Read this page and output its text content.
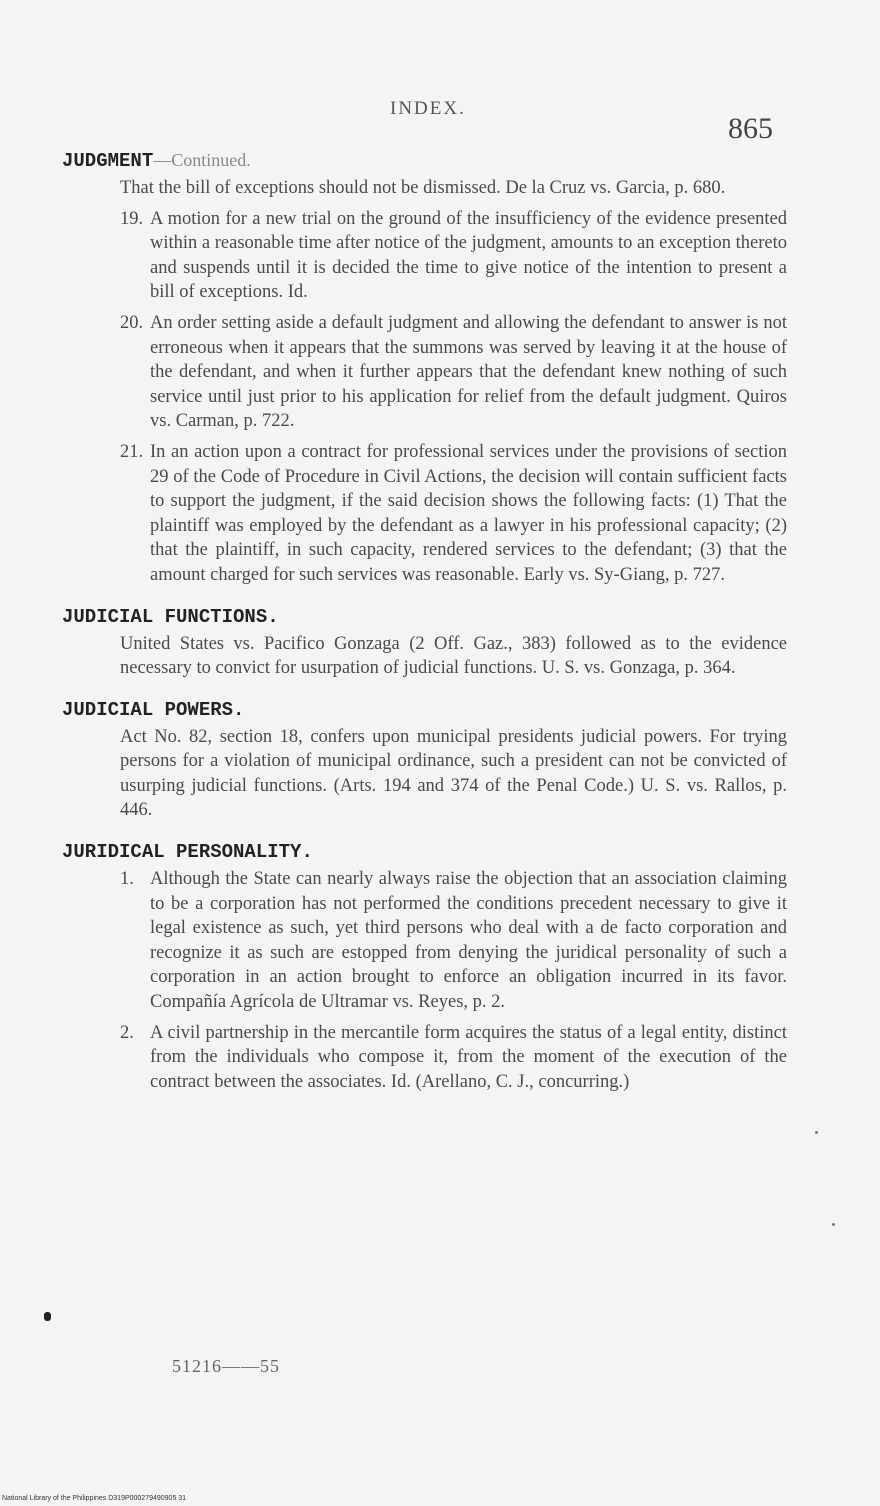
INDEX.
865

JUDGMENT—Continued.

That the bill of exceptions should not be dismissed. De la Cruz vs. Garcia, p. 680.

19. A motion for a new trial on the ground of the insufficiency of the evidence presented within a reasonable time after notice of the judgment, amounts to an exception thereto and suspends until it is decided the time to give notice of the intention to present a bill of exceptions. Id.

20. An order setting aside a default judgment and allowing the defendant to answer is not erroneous when it appears that the summons was served by leaving it at the house of the defendant, and when it further appears that the defendant knew nothing of such service until just prior to his application for relief from the default judgment. Quiros vs. Carman, p. 722.

21. In an action upon a contract for professional services under the provisions of section 29 of the Code of Procedure in Civil Actions, the decision will contain sufficient facts to support the judgment, if the said decision shows the following facts: (1) That the plaintiff was employed by the defendant as a lawyer in his professional capacity; (2) that the plaintiff, in such capacity, rendered services to the defendant; (3) that the amount charged for such services was reasonable. Early vs. Sy-Giang, p. 727.

JUDICIAL FUNCTIONS.

United States vs. Pacifico Gonzaga (2 Off. Gaz., 383) followed as to the evidence necessary to convict for usurpation of judicial functions. U. S. vs. Gonzaga, p. 364.

JUDICIAL POWERS.

Act No. 82, section 18, confers upon municipal presidents judicial powers. For trying persons for a violation of municipal ordinance, such a president can not be convicted of usurping judicial functions. (Arts. 194 and 374 of the Penal Code.) U. S. vs. Rallos, p. 446.

JURIDICAL PERSONALITY.

1. Although the State can nearly always raise the objection that an association claiming to be a corporation has not performed the conditions precedent necessary to give it legal existence as such, yet third persons who deal with a de facto corporation and recognize it as such are estopped from denying the juridical personality of such a corporation in an action brought to enforce an obligation incurred in its favor. Compañía Agrícola de Ultramar vs. Reyes, p. 2.

2. A civil partnership in the mercantile form acquires the status of a legal entity, distinct from the individuals who compose it, from the moment of the execution of the contract between the associates. Id. (Arellano, C. J., concurring.)

51216——55
National Library of the Philippines D319P000279490905 31
